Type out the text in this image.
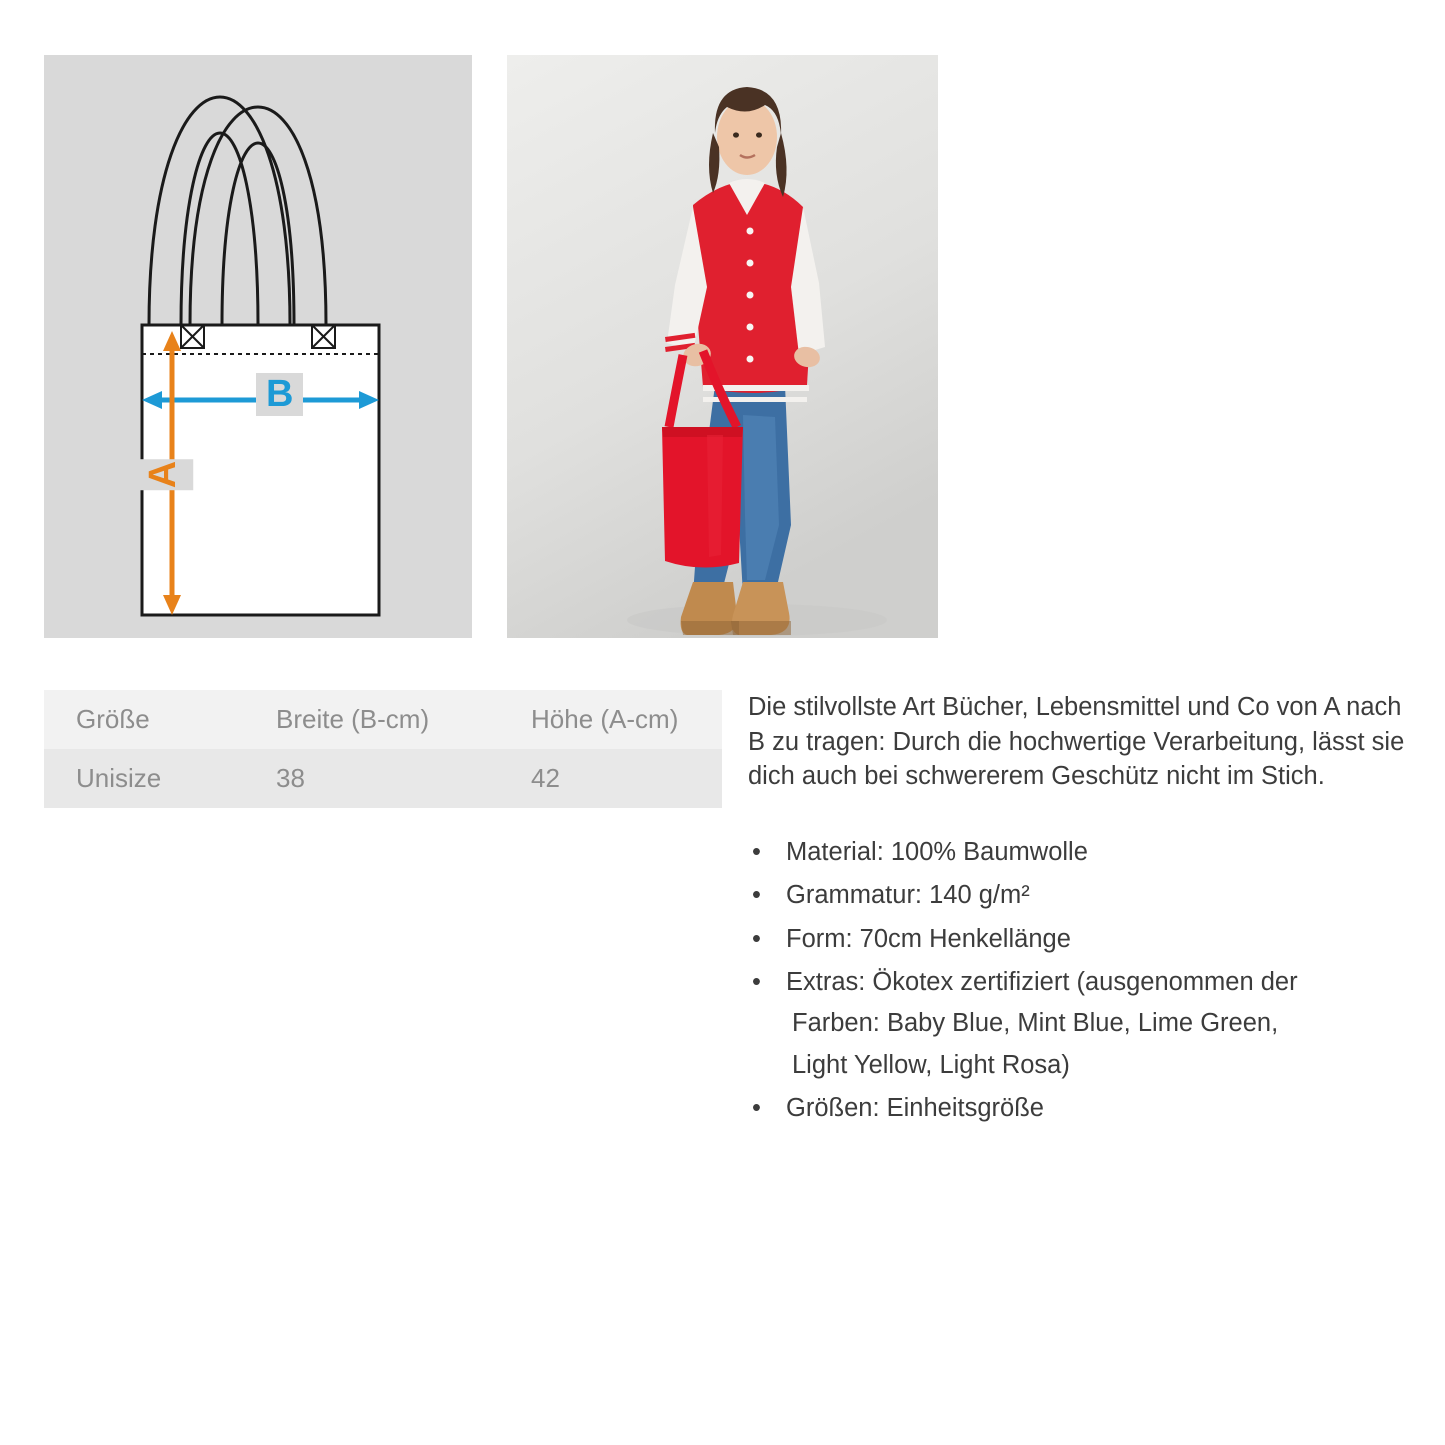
B
A
Größe	Breite (B-cm)	Höhe (A-cm)
Unisize	38	42

Die stilvollste Art Bücher, Lebensmittel und Co von A nach B zu tragen: Durch die hochwertige Verarbeitung, lässt sie dich auch bei schwererem Geschütz nicht im Stich.

• Material: 100% Baumwolle
• Grammatur: 140 g/m²
• Form: 70cm Henkellänge
• Extras: Ökotex zertifiziert (ausgenommen der
Farben: Baby Blue, Mint Blue, Lime Green,
Light Yellow, Light Rosa)
• Größen: Einheitsgröße
